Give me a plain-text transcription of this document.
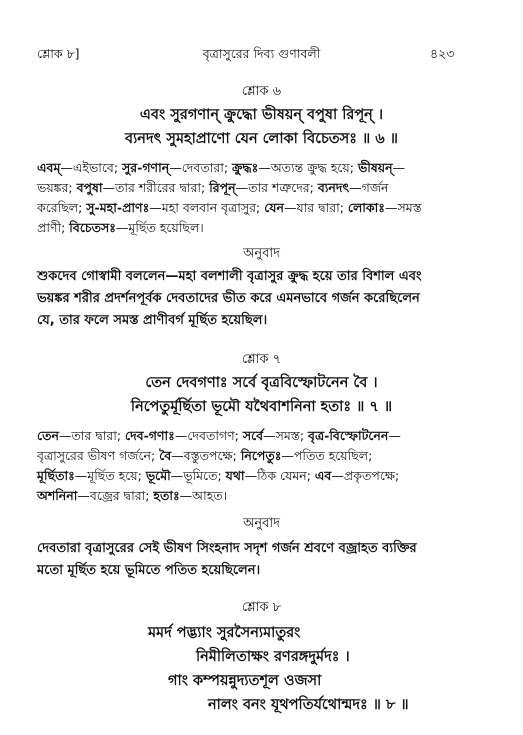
শ্লোক ৮]	বৃত্রাসুরের দিব্য গুণাবলী	৪২৩
শ্লোক ৬
এবং সুরগণান্ ক্রুদ্ধো ভীষয়ন্ বপুষা রিপূন্ ।
ব্যনদৎ সুমহাপ্রাণো যেন লোকা বিচেতসঃ ॥ ৬ ॥
এবম্—এইভাবে; সুর-গণান্—দেবতারা; ক্রুদ্ধঃ—অত্যন্ত ক্রুদ্ধ হয়ে; ভীষয়ন্—
ভয়ঙ্কর; বপুষা—তার শরীরের দ্বারা; রিপূন্—তার শত্রুদের; ব্যনদৎ—গর্জন
করেছিল; সু-মহা-প্রাণঃ—মহা বলবান বৃত্রাসুর; যেন—যার দ্বারা; লোকাঃ—সমস্ত
প্রাণী; বিচেতসঃ—মূর্ছিত হয়েছিল।
অনুবাদ
শুকদেব গোস্বামী বললেন—মহা বলশালী বৃত্রাসুর ক্রুদ্ধ হয়ে তার বিশাল এবং
ভয়ঙ্কর শরীর প্রদর্শনপূর্বক দেবতাদের ভীত করে এমনভাবে গর্জন করেছিলেন
যে, তার ফলে সমস্ত প্রাণীবর্গ মূর্ছিত হয়েছিল।
শ্লোক ৭
তেন দেবগণাঃ সর্বে বৃত্রবিস্ফোটনেন বৈ ।
নিপেতুর্মূর্ছিতা ভূমৌ যথৈবাশনিনা হতাঃ ॥ ৭ ॥
তেন—তার দ্বারা; দেব-গণাঃ—দেবতাগণ; সর্বে—সমস্ত; বৃত্র-বিস্ফোটনেন—
বৃত্রাসুরের ভীষণ গর্জনে; বৈ—বস্তুতপক্ষে; নিপেতুঃ—পতিত হয়েছিল;
মূর্ছিতাঃ—মূর্ছিত হয়ে; ভূমৌ—ভূমিতে; যথা—ঠিক যেমন; এব—প্রকৃতপক্ষে;
অশনিনা—বজ্রের দ্বারা; হতাঃ—আহত।
অনুবাদ
দেবতারা বৃত্রাসুরের সেই ভীষণ সিংহনাদ সদৃশ গর্জন শ্রবণে বজ্রাহত ব্যক্তির
মতো মূর্ছিত হয়ে ভূমিতে পতিত হয়েছিলেন।
শ্লোক ৮
মমর্দ পদ্ভ্যাং সুরসৈন্যমাতুরং
নিমীলিতাক্ষং রণরঙ্গদুর্মদঃ ।
গাং কম্পয়ন্নুদ্যতশূল ওজসা
নালং বনং যূথপতির্যথোন্মদঃ ॥ ৮ ॥
